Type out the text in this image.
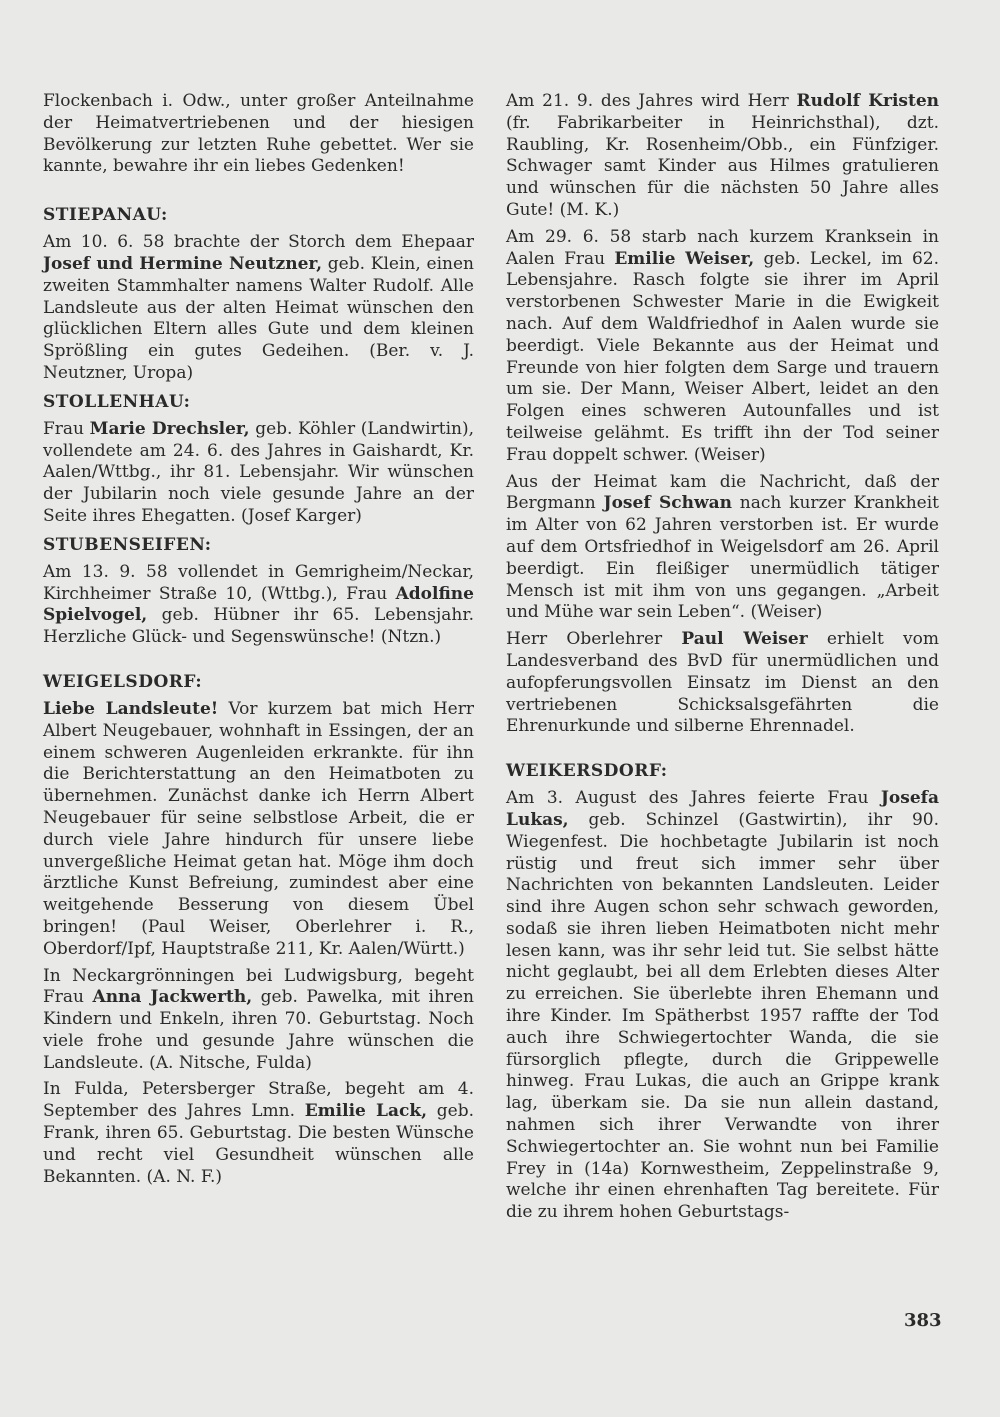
Flockenbach i. Odw., unter großer Anteilnahme der Heimatvertriebenen und der hiesigen Bevölkerung zur letzten Ruhe gebettet. Wer sie kannte, bewahre ihr ein liebes Gedenken!

STIEPANAU:

Am 10. 6. 58 brachte der Storch dem Ehepaar Josef und Hermine Neutzner, geb. Klein, einen zweiten Stammhalter namens Walter Rudolf. Alle Landsleute aus der alten Heimat wünschen den glücklichen Eltern alles Gute und dem kleinen Sprößling ein gutes Gedeihen. (Ber. v. J. Neutzner, Uropa)

STOLLENHAU:

Frau Marie Drechsler, geb. Köhler (Landwirtin), vollendete am 24. 6. des Jahres in Gaishardt, Kr. Aalen/Wttbg., ihr 81. Lebensjahr. Wir wünschen der Jubilarin noch viele gesunde Jahre an der Seite ihres Ehegatten. (Josef Karger)

STUBENSEIFEN:

Am 13. 9. 58 vollendet in Gemrigheim/Neckar, Kirchheimer Straße 10, (Wttbg.), Frau Adolfine Spielvogel, geb. Hübner ihr 65. Lebensjahr. Herzliche Glück- und Segenswünsche! (Ntzn.)

WEIGELSDORF:

Liebe Landsleute! Vor kurzem bat mich Herr Albert Neugebauer, wohnhaft in Essingen, der an einem schweren Augenleiden erkrankte. für ihn die Berichterstattung an den Heimatboten zu übernehmen. Zunächst danke ich Herrn Albert Neugebauer für seine selbstlose Arbeit, die er durch viele Jahre hindurch für unsere liebe unvergeßliche Heimat getan hat. Möge ihm doch ärztliche Kunst Befreiung, zumindest aber eine weitgehende Besserung von diesem Übel bringen! (Paul Weiser, Oberlehrer i. R., Oberdorf/Ipf, Hauptstraße 211, Kr. Aalen/Württ.)

In Neckargrönningen bei Ludwigsburg, begeht Frau Anna Jackwerth, geb. Pawelka, mit ihren Kindern und Enkeln, ihren 70. Geburtstag. Noch viele frohe und gesunde Jahre wünschen die Landsleute. (A. Nitsche, Fulda)

In Fulda, Petersberger Straße, begeht am 4. September des Jahres Lmn. Emilie Lack, geb. Frank, ihren 65. Geburtstag. Die besten Wünsche und recht viel Gesundheit wünschen alle Bekannten. (A. N. F.)

Am 21. 9. des Jahres wird Herr Rudolf Kristen (fr. Fabrikarbeiter in Heinrichsthal), dzt. Raubling, Kr. Rosenheim/Obb., ein Fünfziger. Schwager samt Kinder aus Hilmes gratulieren und wünschen für die nächsten 50 Jahre alles Gute! (M. K.)

Am 29. 6. 58 starb nach kurzem Kranksein in Aalen Frau Emilie Weiser, geb. Leckel, im 62. Lebensjahre. Rasch folgte sie ihrer im April verstorbenen Schwester Marie in die Ewigkeit nach. Auf dem Waldfriedhof in Aalen wurde sie beerdigt. Viele Bekannte aus der Heimat und Freunde von hier folgten dem Sarge und trauern um sie. Der Mann, Weiser Albert, leidet an den Folgen eines schweren Autounfalles und ist teilweise gelähmt. Es trifft ihn der Tod seiner Frau doppelt schwer. (Weiser)

Aus der Heimat kam die Nachricht, daß der Bergmann Josef Schwan nach kurzer Krankheit im Alter von 62 Jahren verstorben ist. Er wurde auf dem Ortsfriedhof in Weigelsdorf am 26. April beerdigt. Ein fleißiger unermüdlich tätiger Mensch ist mit ihm von uns gegangen. „Arbeit und Mühe war sein Leben“. (Weiser)

Herr Oberlehrer Paul Weiser erhielt vom Landesverband des BvD für unermüdlichen und aufopferungsvollen Einsatz im Dienst an den vertriebenen Schicksalsgefährten die Ehrenurkunde und silberne Ehrennadel.

WEIKERSDORF:

Am 3. August des Jahres feierte Frau Josefa Lukas, geb. Schinzel (Gastwirtin), ihr 90. Wiegenfest. Die hochbetagte Jubilarin ist noch rüstig und freut sich immer sehr über Nachrichten von bekannten Landsleuten. Leider sind ihre Augen schon sehr schwach geworden, sodaß sie ihren lieben Heimatboten nicht mehr lesen kann, was ihr sehr leid tut. Sie selbst hätte nicht geglaubt, bei all dem Erlebten dieses Alter zu erreichen. Sie überlebte ihren Ehemann und ihre Kinder. Im Spätherbst 1957 raffte der Tod auch ihre Schwiegertochter Wanda, die sie fürsorglich pflegte, durch die Grippewelle hinweg. Frau Lukas, die auch an Grippe krank lag, überkam sie. Da sie nun allein dastand, nahmen sich ihrer Verwandte von ihrer Schwiegertochter an. Sie wohnt nun bei Familie Frey in (14a) Kornwestheim, Zeppelinstraße 9, welche ihr einen ehrenhaften Tag bereitete. Für die zu ihrem hohen Geburtstags-

383
